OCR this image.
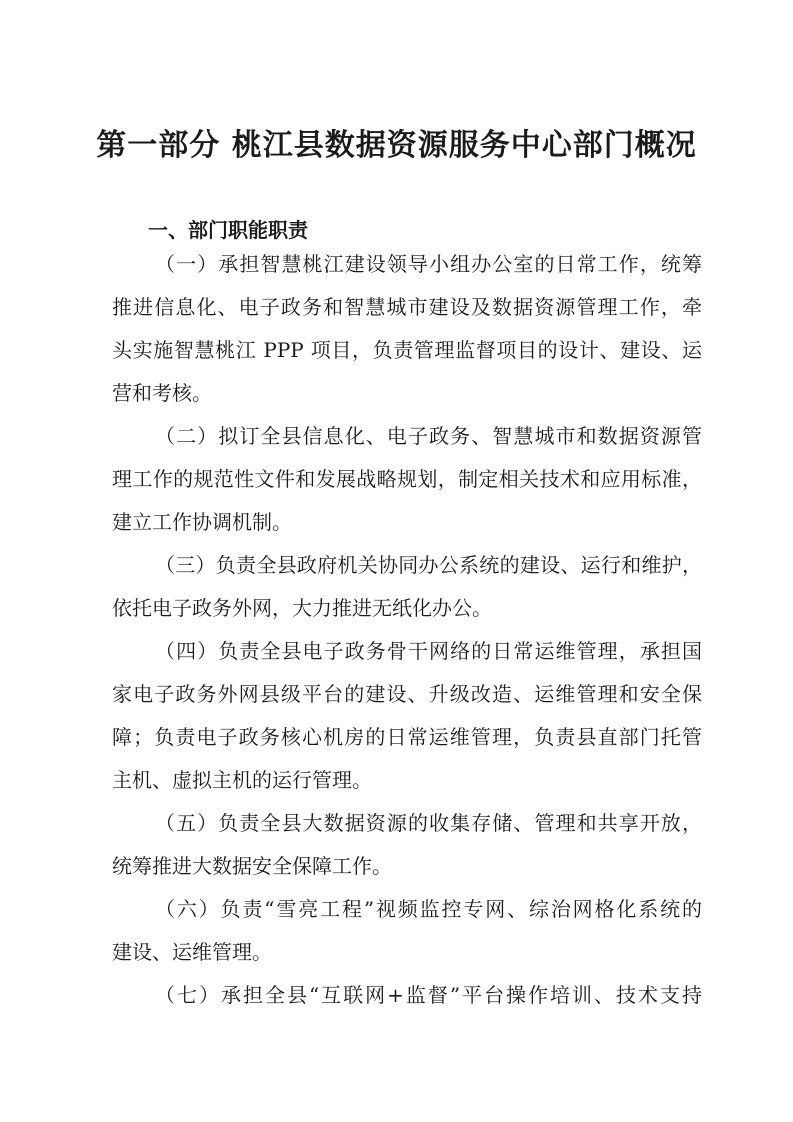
第一部分 桃江县数据资源服务中心部门概况
一、部门职能职责
（一）承担智慧桃江建设领导小组办公室的日常工作，统筹
推进信息化、电子政务和智慧城市建设及数据资源管理工作，牵
头实施智慧桃江 PPP 项目，负责管理监督项目的设计、建设、运
营和考核。
（二）拟订全县信息化、电子政务、智慧城市和数据资源管
理工作的规范性文件和发展战略规划，制定相关技术和应用标准，
建立工作协调机制。
（三）负责全县政府机关协同办公系统的建设、运行和维护，
依托电子政务外网，大力推进无纸化办公。
（四）负责全县电子政务骨干网络的日常运维管理，承担国
家电子政务外网县级平台的建设、升级改造、运维管理和安全保
障；负责电子政务核心机房的日常运维管理，负责县直部门托管
主机、虚拟主机的运行管理。
（五）负责全县大数据资源的收集存储、管理和共享开放，
统筹推进大数据安全保障工作。
（六）负责“雪亮工程”视频监控专网、综治网格化系统的
建设、运维管理。
（七）承担全县“互联网+监督”平台操作培训、技术支持
